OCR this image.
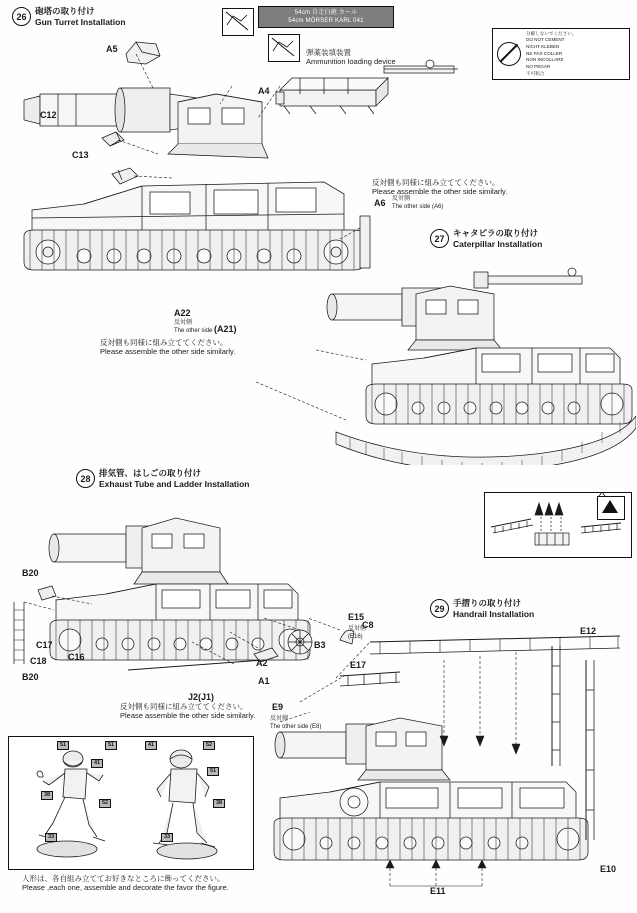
54cm 自走臼砲 カール
54cm MÖRSER KARL 041
分解しないでください。
DO NOT CEMENT
NICHT KLEBEN
NE PAS COLLER
NON INCOLLARE
NO PEGAR
不可粘合
26
砲塔の取り付け
Gun Turret Installation
弾薬装填装置
Ammunition loading device
A5
A4
C12
C13
反対側も同様に組み立ててください。
Please assemble the other side similarly.
A6 反対側
The other side (A6)
A22
反対側
The other side (A21)
反対側も同様に組み立ててください。
Please assemble the other side similarly.
27
キャタピラの取り付け
Caterpillar Installation
28
排気管、はしごの取り付け
Exhaust Tube and Ladder Installation
B20
C17
C18 C16
B20	A1
A2
B3
C8
J2(J1)
反対側も同様に組み立ててください。
Please assemble the other side similarly.
29
手摺りの取り付け
Handrail Installation
E15
反対側
(E16)
E17
E9
反対側
The other side (E8)
E12
E10
E11
51	51
41
38
52
33
41	52
51
38
33
人形は、各自組み立ててお好きなところに飾ってください。
Please ,each one, assemble and decorate the favor the figure.
